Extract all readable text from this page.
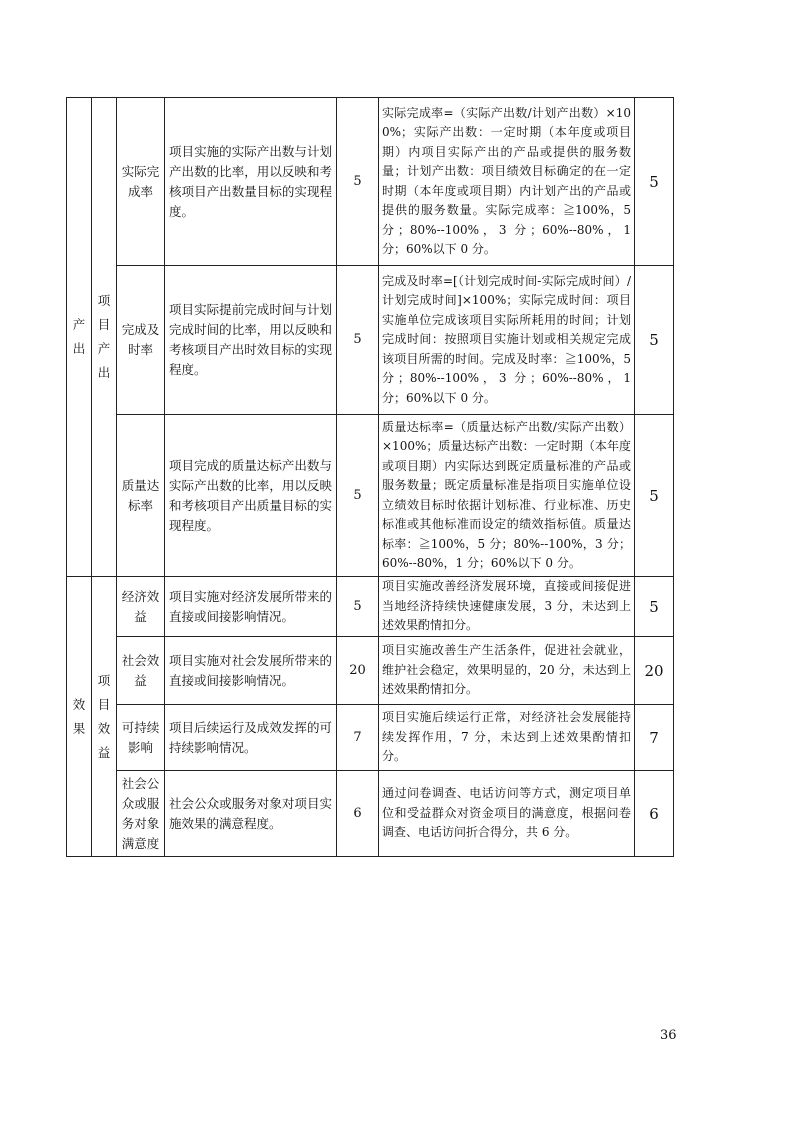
产出	项目产出	实际完成率	项目实施的实际产出数与计划产出数的比率，用以反映和考核项目产出数量目标的实现程度。	5	实际完成率=（实际产出数/计划产出数）×100%；实际产出数：一定时期（本年度或项目期）内项目实际产出的产品或提供的服务数量；计划产出数：项目绩效目标确定的在一定时期（本年度或项目期）内计划产出的产品或提供的服务数量。实际完成率：≧100%，5 分；80%--100%，3 分；60%--80%，1 分；60%以下 0 分。	5
		完成及时率	项目实际提前完成时间与计划完成时间的比率，用以反映和考核项目产出时效目标的实现程度。	5	完成及时率=[（计划完成时间-实际完成时间）/计划完成时间]×100%；实际完成时间：项目实施单位完成该项目实际所耗用的时间；计划完成时间：按照项目实施计划或相关规定完成该项目所需的时间。完成及时率：≧100%，5 分；80%--100%，3 分；60%--80%，1 分；60%以下 0 分。	5
		质量达标率	项目完成的质量达标产出数与实际产出数的比率，用以反映和考核项目产出质量目标的实现程度。	5	质量达标率=（质量达标产出数/实际产出数）×100%；质量达标产出数：一定时期（本年度或项目期）内实际达到既定质量标准的产品或服务数量；既定质量标准是指项目实施单位设立绩效目标时依据计划标准、行业标准、历史标准或其他标准而设定的绩效指标值。质量达标率：≧100%，5 分；80%--100%，3 分；60%--80%，1 分；60%以下 0 分。	5

效果	项目效益	经济效益	项目实施对经济发展所带来的直接或间接影响情况。	5	项目实施改善经济发展环境，直接或间接促进当地经济持续快速健康发展，3 分，未达到上述效果酌情扣分。	5
		社会效益	项目实施对社会发展所带来的直接或间接影响情况。	20	项目实施改善生产生活条件，促进社会就业，维护社会稳定，效果明显的，20 分，未达到上述效果酌情扣分。	20
		可持续影响	项目后续运行及成效发挥的可持续影响情况。	7	项目实施后续运行正常，对经济社会发展能持续发挥作用，7 分，未达到上述效果酌情扣分。	7
		社会公众或服务对象满意度	社会公众或服务对象对项目实施效果的满意程度。	6	通过问卷调查、电话访问等方式，测定项目单位和受益群众对资金项目的满意度，根据问卷调查、电话访问折合得分，共 6 分。	6
36
